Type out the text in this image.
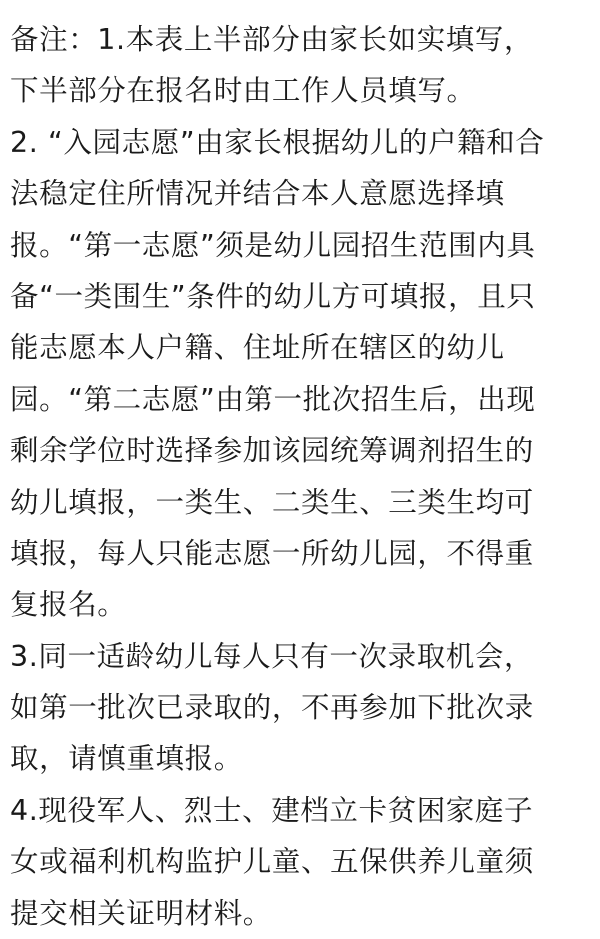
备注：1.本表上半部分由家长如实填写，
下半部分在报名时由工作人员填写。
2. “入园志愿”由家长根据幼儿的户籍和合
法稳定住所情况并结合本人意愿选择填
报。“第一志愿”须是幼儿园招生范围内具
备“一类围生”条件的幼儿方可填报，且只
能志愿本人户籍、住址所在辖区的幼儿
园。“第二志愿”由第一批次招生后，出现
剩余学位时选择参加该园统筹调剂招生的
幼儿填报，一类生、二类生、三类生均可
填报，每人只能志愿一所幼儿园，不得重
复报名。
3.同一适龄幼儿每人只有一次录取机会，
如第一批次已录取的，不再参加下批次录
取，请慎重填报。
4.现役军人、烈士、建档立卡贫困家庭子
女或福利机构监护儿童、五保供养儿童须
提交相关证明材料。
